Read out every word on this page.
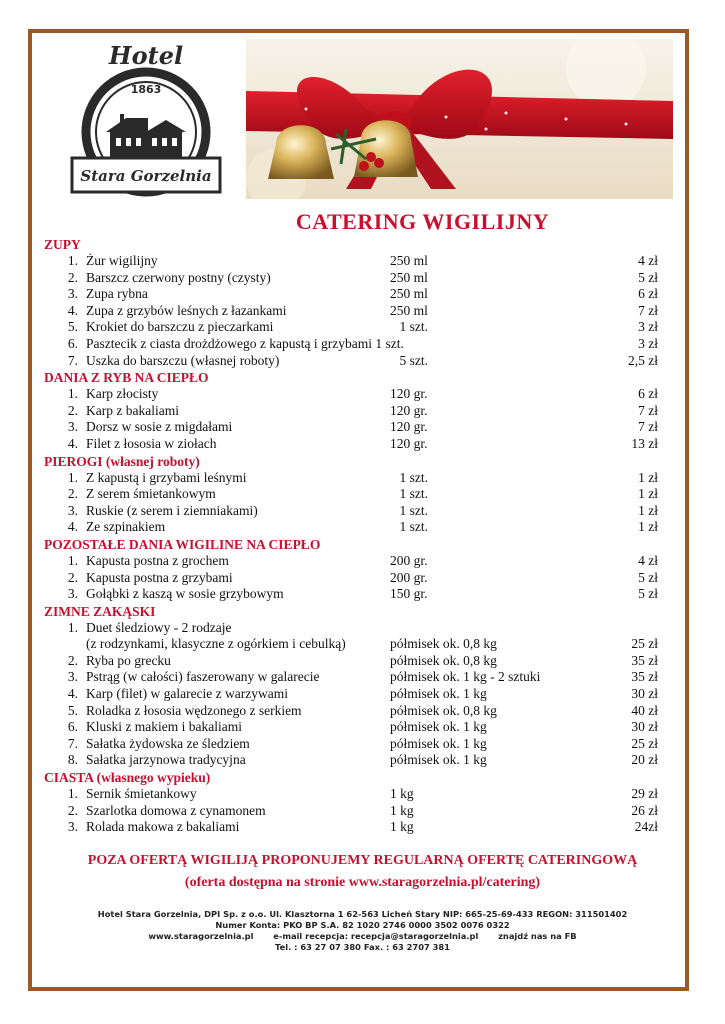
Hotel
1863
Stara Gorzelnia
CATERING WIGILIJNY
ZUPY
1. Żur wigilijny	250 ml	4 zł
2. Barszcz czerwony postny (czysty)	250 ml	5 zł
3. Zupa rybna	250 ml	6 zł
4. Zupa z grzybów leśnych z łazankami	250 ml	7 zł
5. Krokiet do barszczu z pieczarkami	1 szt.	3 zł
6. Pasztecik z ciasta drożdżowego z kapustą i grzybami 1 szt.	3 zł
7. Uszka do barszczu (własnej roboty)	5 szt.	2,5 zł
DANIA Z RYB NA CIEPŁO
1. Karp złocisty	120 gr.	6 zł
2. Karp z bakaliami	120 gr.	7 zł
3. Dorsz w sosie z migdałami	120 gr.	7 zł
4. Filet z łososia w ziołach	120 gr.	13 zł
PIEROGI (własnej roboty)
1. Z kapustą i grzybami leśnymi	1 szt.	1 zł
2. Z serem śmietankowym	1 szt.	1 zł
3. Ruskie (z serem i ziemniakami)	1 szt.	1 zł
4. Ze szpinakiem	1 szt.	1 zł
POZOSTAŁE DANIA WIGILINE NA CIEPŁO
1. Kapusta postna z grochem	200 gr.	4 zł
2. Kapusta postna z grzybami	200 gr.	5 zł
3. Gołąbki z kaszą w sosie grzybowym	150 gr.	5 zł
ZIMNE ZAKĄSKI
1. Duet śledziowy - 2 rodzaje
(z rodzynkami, klasyczne z ogórkiem i cebulką)	półmisek ok. 0,8 kg	25 zł
2. Ryba po grecku	półmisek ok. 0,8 kg	35 zł
3. Pstrąg (w całości) faszerowany w galarecie	półmisek ok. 1 kg - 2 sztuki	35 zł
4. Karp (filet) w galarecie z warzywami	półmisek ok. 1 kg	30 zł
5. Roladka z łososia wędzonego z serkiem	półmisek ok. 0,8 kg	40 zł
6. Kluski z makiem i bakaliami	półmisek ok. 1 kg	30 zł
7. Sałatka żydowska ze śledziem	półmisek ok. 1 kg	25 zł
8. Sałatka jarzynowa tradycyjna	półmisek ok. 1 kg	20 zł
CIASTA (własnego wypieku)
1. Sernik śmietankowy	1 kg	29 zł
2. Szarlotka domowa z cynamonem	1 kg	26 zł
3. Rolada makowa z bakaliami	1 kg	24zł
POZA OFERTĄ WIGILIJĄ PROPONUJEMY REGULARNĄ OFERTĘ CATERINGOWĄ
(oferta dostępna na stronie www.staragorzelnia.pl/catering)
Hotel Stara Gorzelnia, DPI Sp. z o.o. Ul. Klasztorna 1 62-563 Licheń Stary NIP: 665-25-69-433 REGON: 311501402
Numer Konta: PKO BP S.A. 82 1020 2746 0000 3502 0076 0322
www.staragorzelnia.pl e-mail recepcja: recepcja@staragorzelnia.pl znajdź nas na FB
Tel. : 63 27 07 380 Fax. : 63 2707 381
